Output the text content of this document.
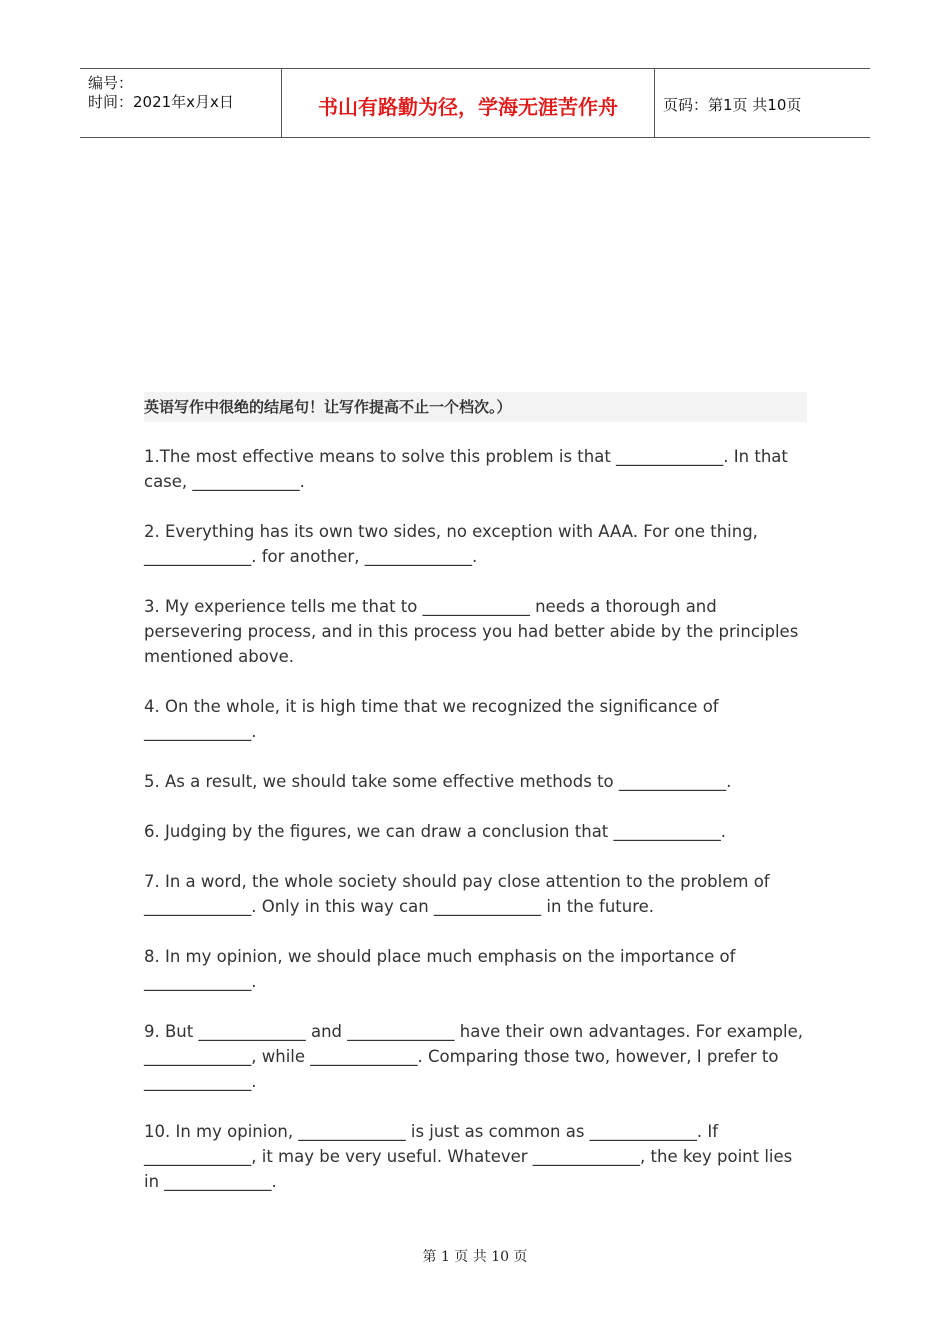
编号：
时间：2021年x月x日	书山有路勤为径，学海无涯苦作舟	页码：第1页 共10页
英语写作中很绝的结尾句！让写作提高不止一个档次。）

1.The most effective means to solve this problem is that _____________. In that case, _____________.

2. Everything has its own two sides, no exception with AAA. For one thing, _____________. for another, _____________.

3. My experience tells me that to _____________ needs a thorough and persevering process, and in this process you had better abide by the principles mentioned above.

4. On the whole, it is high time that we recognized the significance of _____________.

5. As a result, we should take some effective methods to _____________.

6. Judging by the figures, we can draw a conclusion that _____________.

7. In a word, the whole society should pay close attention to the problem of _____________. Only in this way can _____________ in the future.

8. In my opinion, we should place much emphasis on the importance of _____________.

9. But _____________ and _____________ have their own advantages. For example, _____________, while _____________. Comparing those two, however, I prefer to _____________.

10. In my opinion, _____________ is just as common as _____________. If _____________, it may be very useful. Whatever _____________, the key point lies in _____________.

第 1 页 共 10 页
